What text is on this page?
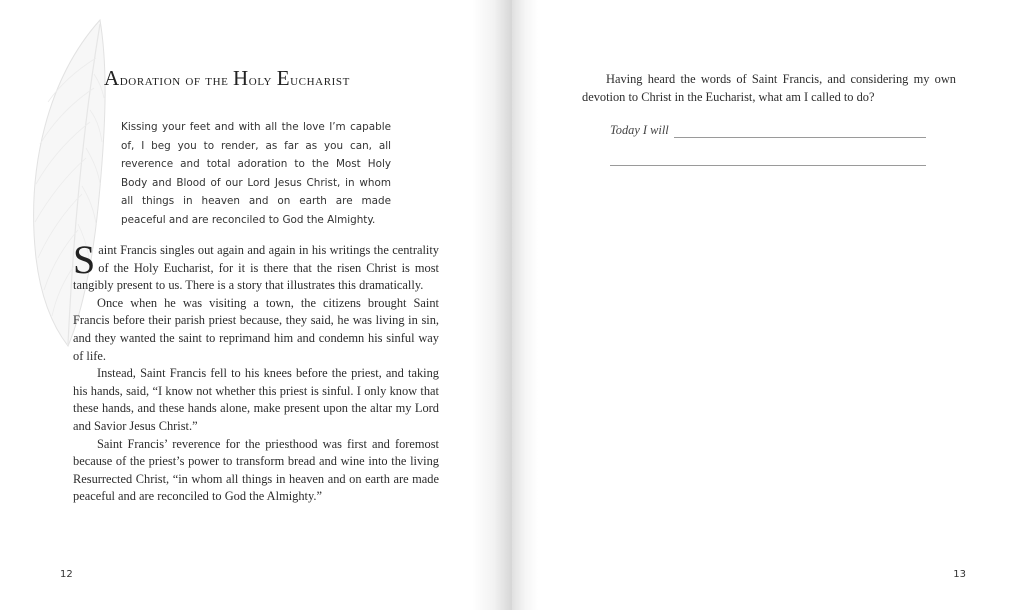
Adoration of the Holy Eucharist

Kissing your feet and with all the love I’m capable of, I beg you to render, as far as you can, all reverence and total adoration to the Most Holy Body and Blood of our Lord Jesus Christ, in whom all things in heaven and on earth are made peaceful and are reconciled to God the Almighty.

Saint Francis singles out again and again in his writings the centrality of the Holy Eucharist, for it is there that the risen Christ is most tangibly present to us. There is a story that illustrates this dramatically.

Once when he was visiting a town, the citizens brought Saint Francis before their parish priest because, they said, he was living in sin, and they wanted the saint to reprimand him and condemn his sinful way of life.

Instead, Saint Francis fell to his knees before the priest, and taking his hands, said, “I know not whether this priest is sinful. I only know that these hands, and these hands alone, make present upon the altar my Lord and Savior Jesus Christ.”

Saint Francis’ reverence for the priesthood was first and foremost because of the priest’s power to transform bread and wine into the living Resurrected Christ, “in whom all things in heaven and on earth are made peaceful and are reconciled to God the Almighty.”

12

Having heard the words of Saint Francis, and considering my own devotion to Christ in the Eucharist, what am I called to do?

Today I will
13
